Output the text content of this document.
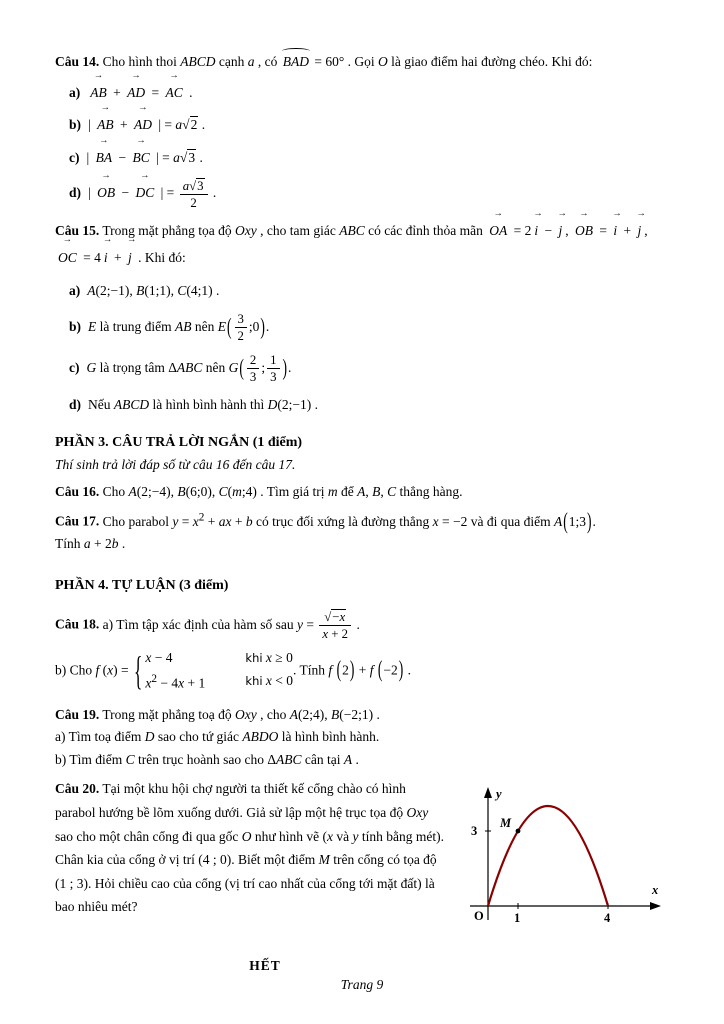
Câu 14. Cho hình thoi ABCD cạnh a , có BAD = 60° . Gọi O là giao điểm hai đường chéo. Khi đó:

a) AB → + AD → = AC → .

b) | AB → + AD → | = a√2 .

c) | BA → − BC → | = a√3 .

d) | OB → − DC → | = $\frac{a√3}{2}$ .

Câu 15. Trong mặt phẳng tọa độ Oxy , cho tam giác ABC có các đỉnh thỏa mãn OA → = 2 i → − j → , OB → = i → + j → ,

OC → = 4 i → + j → . Khi đó:

a) A(2;−1), B(1;1), C(4;1) .

b) E là trung điểm AB nên $E( \frac{3}{2}$ ;0).

c) G là trọng tâm ΔABC nên $G( \frac{2}{3}$ ; $\frac{1}{3}$ ).

d) Nếu ABCD là hình bình hành thì D(2;−1) .

PHẦN 3. CÂU TRẢ LỜI NGẮN (1 điểm)

Thí sinh trả lời đáp số từ câu 16 đến câu 17.

Câu 16. Cho A(2;−4), B(6;0), C(m;4) . Tìm giá trị m để A, B, C thẳng hàng.

Câu 17. Cho parabol $y = x^2$ + ax + b có trục đối xứng là đường thẳng x = −2 và đi qua điểm A(1;3).

Tính a + 2b .

PHẦN 4. TỰ LUẬN (3 điểm)

Câu 18. a) Tìm tập xác định của hàm số sau $y = \frac{√-x}{x + 2}$ .

b) Cho f (x) = { x − 4	khi x ≥ 0
$x^2 - 4x + 1$	khi x < 0
. Tính f (2) + f (−2) .

Câu 19. Trong mặt phẳng toạ độ Oxy , cho A(2;4), B(−2;1) .

a) Tìm toạ điểm D sao cho tứ giác ABDO là hình bình hành.

b) Tìm điểm C trên trục hoành sao cho ΔABC cân tại A .

Câu 20. Tại một khu hội chợ người ta thiết kế cổng chào có hình parabol hướng bề lõm xuống dưới. Giả sử lập một hệ trục tọa độ Oxy sao cho một chân cổng đi qua gốc O như hình vẽ (x và y tính bằng mét). Chân kia của cổng ở vị trí (4 ; 0). Biết một điểm M trên cổng có tọa độ (1 ; 3). Hỏi chiều cao của cổng (vị trí cao nhất của cổng tới mặt đất) là bao nhiêu mét?
y
x
O 1	4
3
M

HẾT

Trang 9
